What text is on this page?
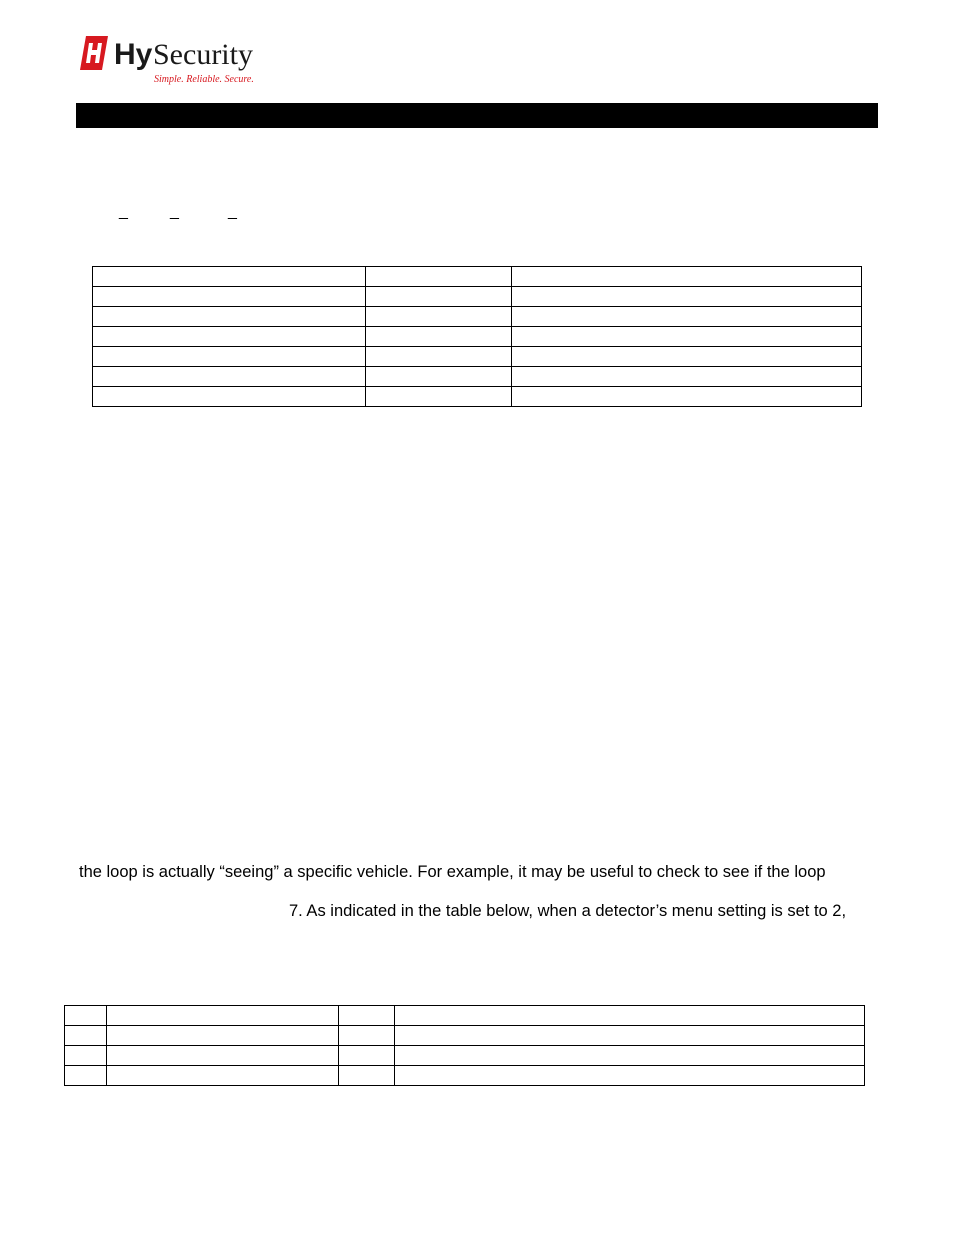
Hy Security
Simple. Reliable. Secure.
_	_	_

the loop is actually “seeing” a specific vehicle. For example, it may be useful to check to see if the loop
7. As indicated in the table below, when a detector’s menu setting is set to 2,
